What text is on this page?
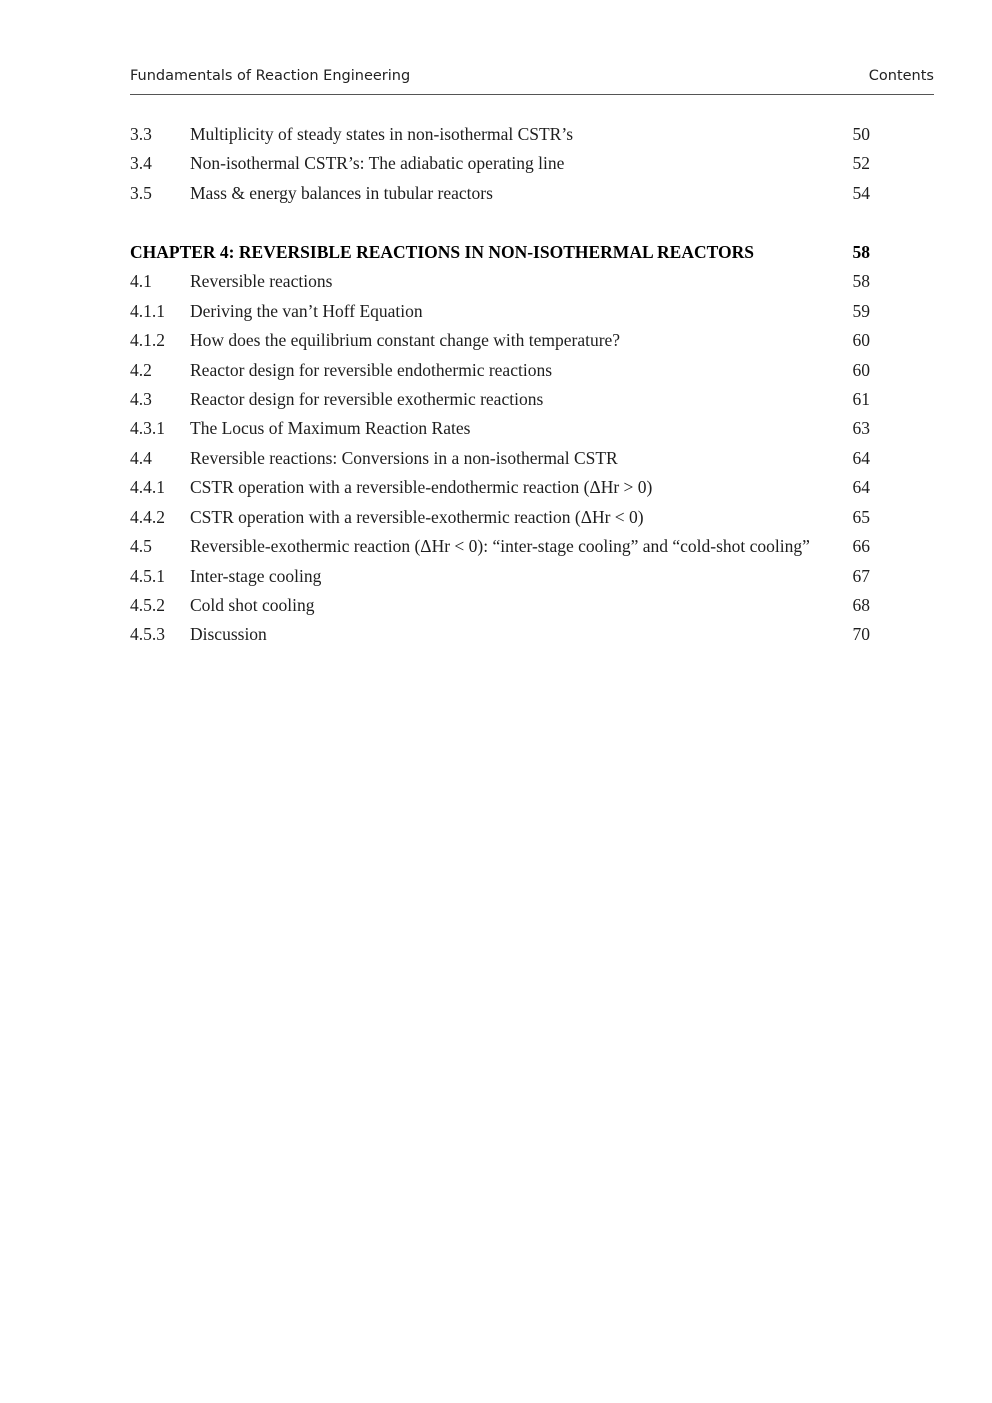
Fundamentals of Reaction Engineering	Contents
3.3 Multiplicity of steady states in non-isothermal CSTR’s	50
3.4 Non-isothermal CSTR’s: The adiabatic operating line	52
3.5 Mass & energy balances in tubular reactors	54
CHAPTER 4: REVERSIBLE REACTIONS IN NON-ISOTHERMAL REACTORS	58
4.1 Reversible reactions	58
4.1.1 Deriving the van’t Hoff Equation	59
4.1.2 How does the equilibrium constant change with temperature?	60
4.2 Reactor design for reversible endothermic reactions	60
4.3 Reactor design for reversible exothermic reactions	61
4.3.1 The Locus of Maximum Reaction Rates	63
4.4 Reversible reactions: Conversions in a non-isothermal CSTR	64
4.4.1 CSTR operation with a reversible-endothermic reaction (ΔHr > 0)	64
4.4.2 CSTR operation with a reversible-exothermic reaction (ΔHr < 0)	65
4.5 Reversible-exothermic reaction (ΔHr < 0): “inter-stage cooling” and “cold-shot cooling” 66
4.5.1 Inter-stage cooling	67
4.5.2 Cold shot cooling	68
4.5.3 Discussion	70
